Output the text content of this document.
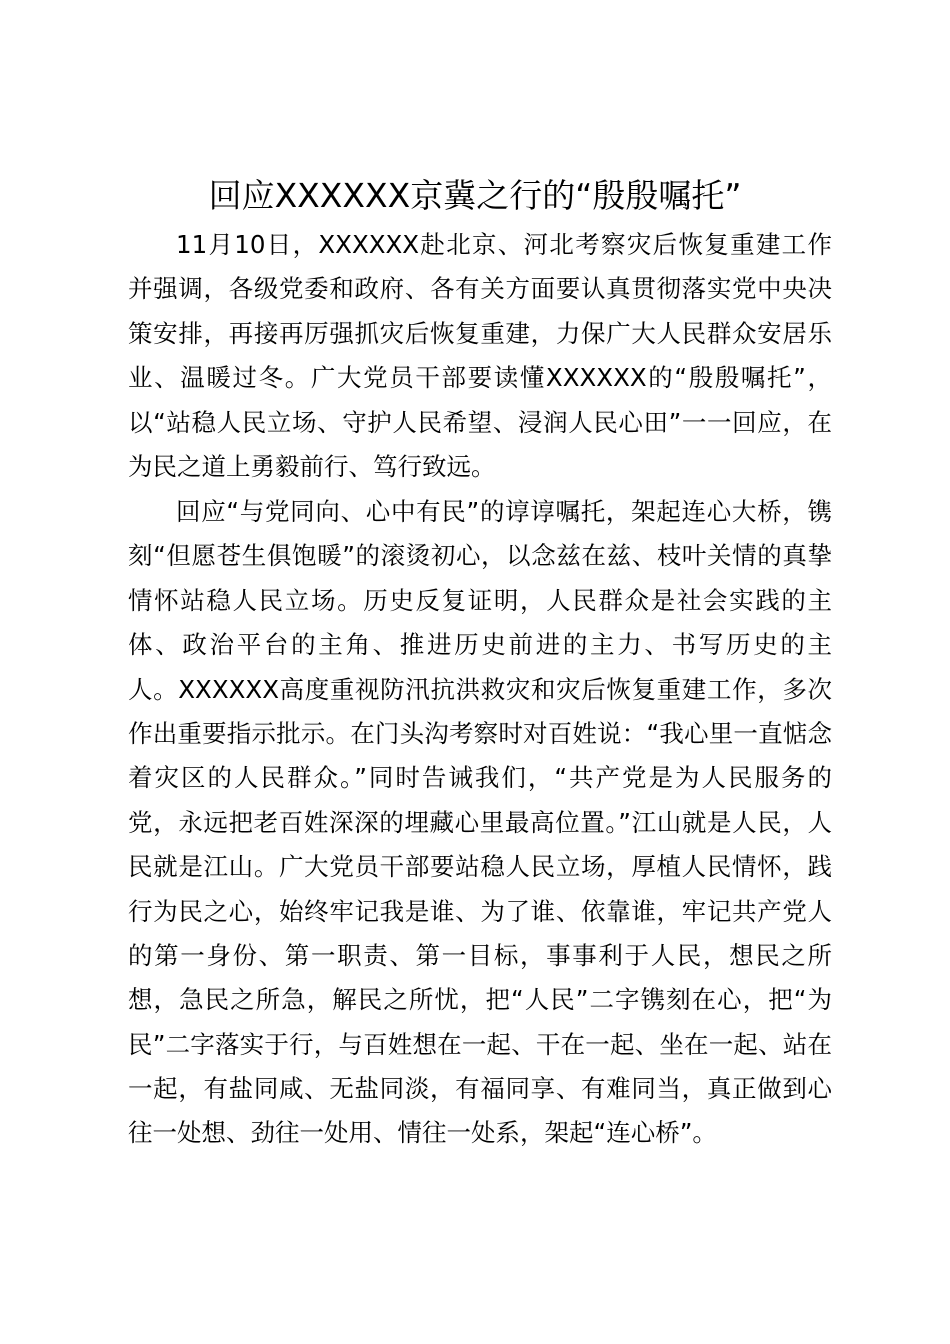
回应XXXXXX京冀之行的“殷殷嘱托”
11月10日，XXXXXX赴北京、河北考察灾后恢复重建工作
并强调，各级党委和政府、各有关方面要认真贯彻落实党中央决
策安排，再接再厉强抓灾后恢复重建，力保广大人民群众安居乐
业、温暖过冬。广大党员干部要读懂XXXXXX的“殷殷嘱托”，
以“站稳人民立场、守护人民希望、浸润人民心田”一一回应，在
为民之道上勇毅前行、笃行致远。
回应“与党同向、心中有民”的谆谆嘱托，架起连心大桥，镌
刻“但愿苍生俱饱暖”的滚烫初心，以念兹在兹、枝叶关情的真挚
情怀站稳人民立场。历史反复证明，人民群众是社会实践的主
体、政治平台的主角、推进历史前进的主力、书写历史的主
人。XXXXXX高度重视防汛抗洪救灾和灾后恢复重建工作，多次
作出重要指示批示。在门头沟考察时对百姓说：“我心里一直惦念
着灾区的人民群众。”同时告诫我们，“共产党是为人民服务的
党，永远把老百姓深深的埋藏心里最高位置。”江山就是人民，人
民就是江山。广大党员干部要站稳人民立场，厚植人民情怀，践
行为民之心，始终牢记我是谁、为了谁、依靠谁，牢记共产党人
的第一身份、第一职责、第一目标，事事利于人民，想民之所
想，急民之所急，解民之所忧，把“人民”二字镌刻在心，把“为
民”二字落实于行，与百姓想在一起、干在一起、坐在一起、站在
一起，有盐同咸、无盐同淡，有福同享、有难同当，真正做到心
往一处想、劲往一处用、情往一处系，架起“连心桥”。
